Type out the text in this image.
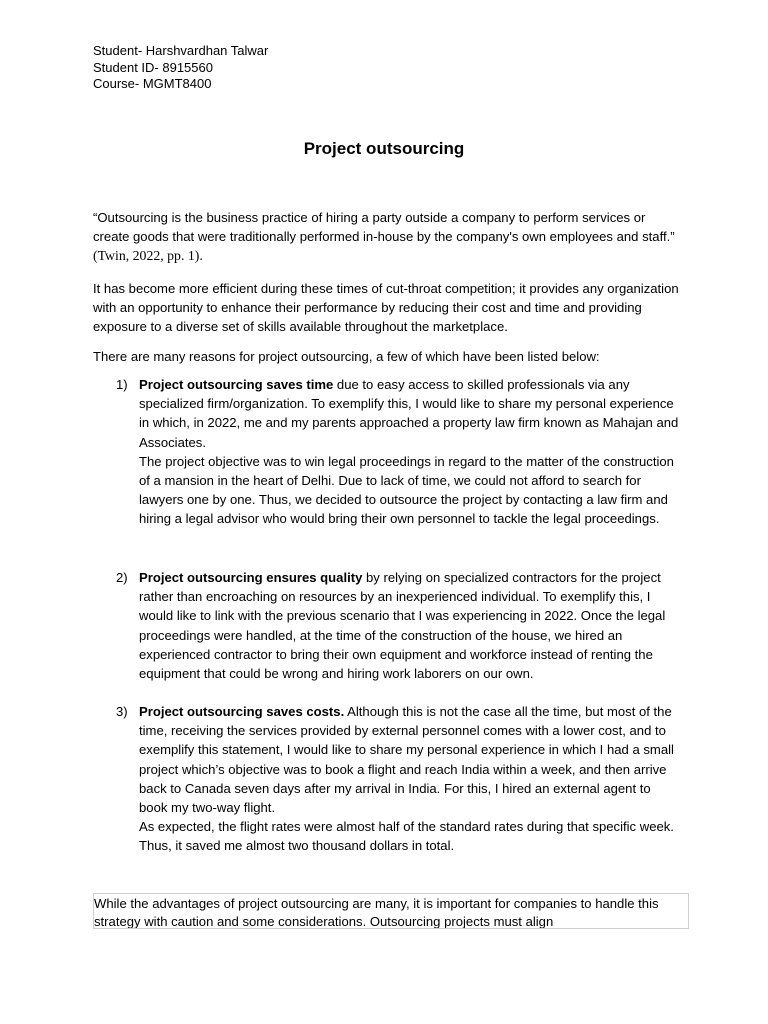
Student- Harshvardhan Talwar
Student ID- 8915560
Course- MGMT8400
Project outsourcing

“Outsourcing is the business practice of hiring a party outside a company to perform services or create goods that were traditionally performed in-house by the company's own employees and staff.” (Twin, 2022, pp. 1).

It has become more efficient during these times of cut-throat competition; it provides any organization with an opportunity to enhance their performance by reducing their cost and time and providing exposure to a diverse set of skills available throughout the marketplace.

There are many reasons for project outsourcing, a few of which have been listed below:

1) Project outsourcing saves time due to easy access to skilled professionals via any specialized firm/organization. To exemplify this, I would like to share my personal experience in which, in 2022, me and my parents approached a property law firm known as Mahajan and Associates.

The project objective was to win legal proceedings in regard to the matter of the construction of a mansion in the heart of Delhi. Due to lack of time, we could not afford to search for lawyers one by one. Thus, we decided to outsource the project by contacting a law firm and hiring a legal advisor who would bring their own personnel to tackle the legal proceedings.

2) Project outsourcing ensures quality by relying on specialized contractors for the project rather than encroaching on resources by an inexperienced individual. To exemplify this, I would like to link with the previous scenario that I was experiencing in 2022. Once the legal proceedings were handled, at the time of the construction of the house, we hired an experienced contractor to bring their own equipment and workforce instead of renting the equipment that could be wrong and hiring work laborers on our own.

3) Project outsourcing saves costs. Although this is not the case all the time, but most of the time, receiving the services provided by external personnel comes with a lower cost, and to exemplify this statement, I would like to share my personal experience in which I had a small project which’s objective was to book a flight and reach India within a week, and then arrive back to Canada seven days after my arrival in India. For this, I hired an external agent to book my two-way flight.

As expected, the flight rates were almost half of the standard rates during that specific week. Thus, it saved me almost two thousand dollars in total.

While the advantages of project outsourcing are many, it is important for companies to handle this strategy with caution and some considerations. Outsourcing projects must align
